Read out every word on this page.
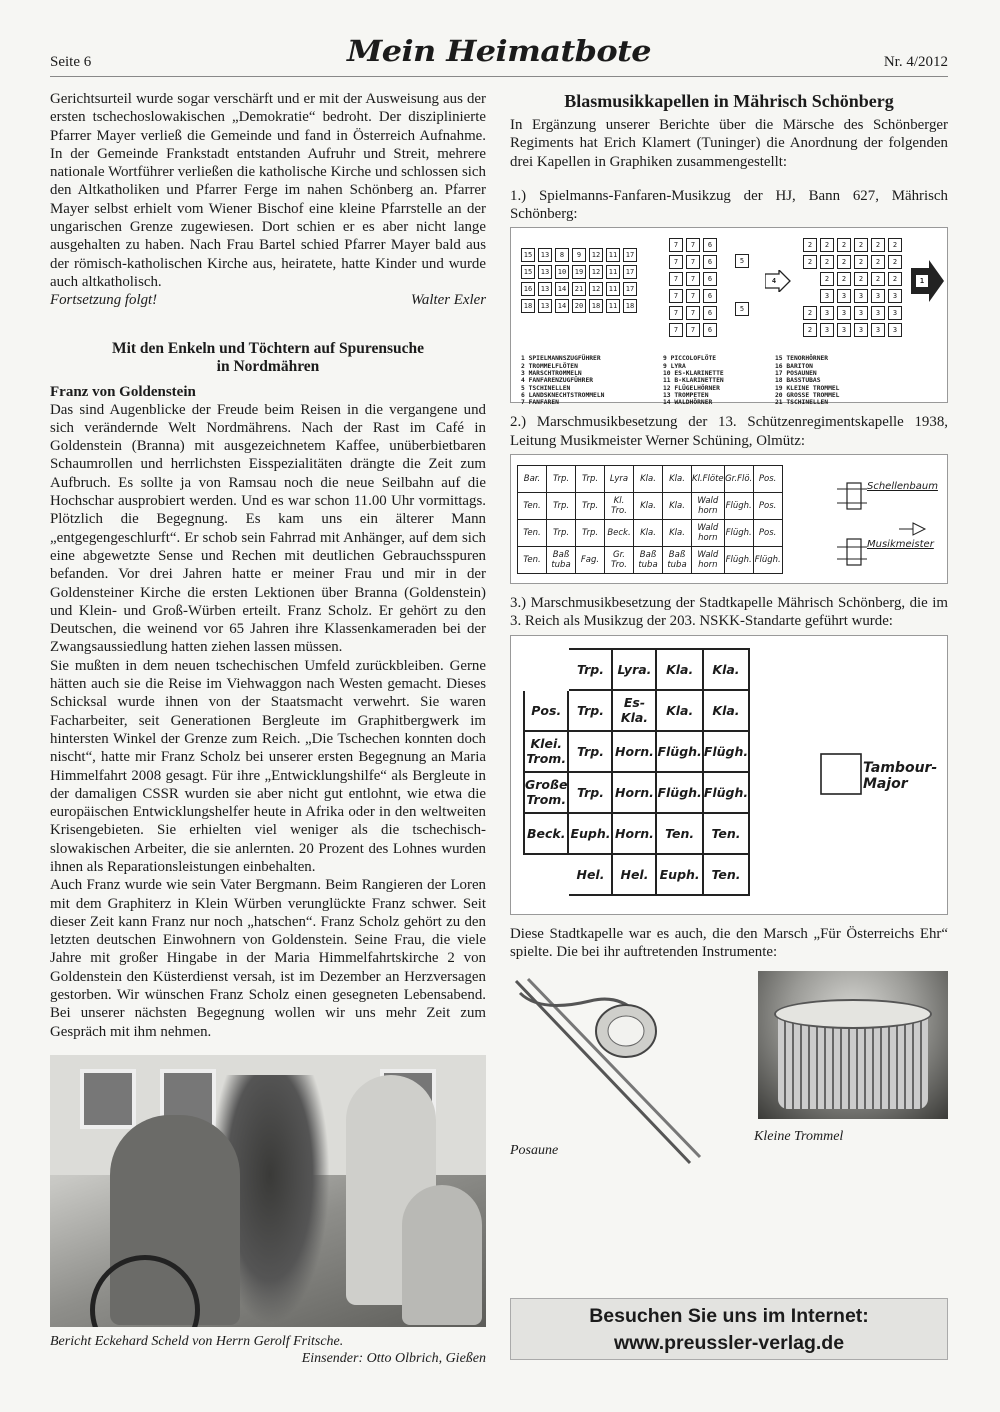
Seite 6	Mein Heimatbote	Nr. 4/2012

Gerichtsurteil wurde sogar verschärft und er mit der Ausweisung aus der ersten tschechoslowakischen „Demokratie“ bedroht. Der disziplinierte Pfarrer Mayer verließ die Gemeinde und fand in Österreich Aufnahme. In der Gemeinde Frankstadt entstanden Aufruhr und Streit, mehrere nationale Wortführer verließen die katholische Kirche und schlossen sich den Altkatholiken und Pfarrer Ferge im nahen Schönberg an. Pfarrer Mayer selbst erhielt vom Wiener Bischof eine kleine Pfarrstelle an der ungarischen Grenze zugewiesen. Dort schien er es aber nicht lange ausgehalten zu haben. Nach Frau Bartel schied Pfarrer Mayer bald aus der römisch-katholischen Kirche aus, heiratete, hatte Kinder und wurde auch altkatholisch.

Fortsetzung folgt!	Walter Exler
Mit den Enkeln und Töchtern auf Spurensuche
in Nordmähren
Franz von Goldenstein

Das sind Augenblicke der Freude beim Reisen in die vergangene und sich verändernde Welt Nordmährens. Nach der Rast im Café in Goldenstein (Branna) mit ausgezeichnetem Kaffee, unüberbietbaren Schaumrollen und herrlichsten Eisspezialitäten drängte die Zeit zum Aufbruch. Es sollte ja von Ramsau noch die neue Seilbahn auf die Hochschar ausprobiert werden. Und es war schon 11.00 Uhr vormittags. Plötzlich die Begegnung. Es kam uns ein älterer Mann „entgegengeschlurft“. Er schob sein Fahrrad mit Anhänger, auf dem sich eine abgewetzte Sense und Rechen mit deutlichen Gebrauchsspuren befanden. Vor drei Jahren hatte er meiner Frau und mir in der Goldensteiner Kirche die ersten Lektionen über Branna (Goldenstein) und Klein- und Groß-Würben erteilt. Franz Scholz. Er gehört zu den Deutschen, die weinend vor 65 Jahren ihre Klassenkameraden bei der Zwangsaussiedlung hatten ziehen lassen müssen.

Sie mußten in dem neuen tschechischen Umfeld zurückbleiben. Gerne hätten auch sie die Reise im Viehwaggon nach Westen gemacht. Dieses Schicksal wurde ihnen von der Staatsmacht verwehrt. Sie waren Facharbeiter, seit Generationen Bergleute im Graphitbergwerk im hintersten Winkel der Grenze zum Reich. „Die Tschechen konnten doch nischt“, hatte mir Franz Scholz bei unserer ersten Begegnung an Maria Himmelfahrt 2008 gesagt. Für ihre „Entwicklungshilfe“ als Bergleute in der damaligen CSSR wurden sie aber nicht gut entlohnt, wie etwa die europäischen Entwicklungshelfer heute in Afrika oder in den weltweiten Krisengebieten. Sie erhielten viel weniger als die tschechisch-slowakischen Arbeiter, die sie anlernten. 20 Prozent des Lohnes wurden ihnen als Reparationsleistungen einbehalten.

Auch Franz wurde wie sein Vater Bergmann. Beim Rangieren der Loren mit dem Graphiterz in Klein Würben verunglückte Franz schwer. Seit dieser Zeit kann Franz nur noch „hatschen“. Franz Scholz gehört zu den letzten deutschen Einwohnern von Goldenstein. Seine Frau, die viele Jahre mit großer Hingabe in der Maria Himmelfahrtskirche 2 von Goldenstein den Küsterdienst versah, ist im Dezember an Herzversagen gestorben. Wir wünschen Franz Scholz einen gesegneten Lebensabend. Bei unserer nächsten Begegnung wollen wir uns mehr Zeit zum Gespräch mit ihm nehmen.

Bericht Eckehard Scheld von Herrn Gerolf Fritsche.
Einsender: Otto Olbrich, Gießen
Blasmusikkapellen in Mährisch Schönberg

In Ergänzung unserer Berichte über die Märsche des Schönberger Regiments hat Erich Klamert (Tuninger) die Anordnung der folgenden drei Kapellen in Graphiken zusammengestellt:

1.) Spielmanns-Fanfaren-Musikzug der HJ, Bann 627, Mährisch Schönberg:

15	13	8	9	12	11	17
15	13	10	19	12	11	17
16	13	14	21	12	11	17
18	13	14	20	18	11	18
7	7	6
7	7	6
7	7	6
7	7	6
7	7	6
7	7	6
5
5
4
2	2	2	2	2	2
2	2	2	2	2	2
2	2	2	2	2
3	3	3	3	3
2	3	3	3	3	3
2	3	3	3	3	3
1
1 SPIELMANNSZUGFÜHRER
2 TROMMELFLÖTEN
3 MARSCHTROMMELN
4 FANFARENZUGFÜHRER
5 TSCHINELLEN
6 LANDSKNECHTSTROMMELN
7 FANFAREN
9 PICCOLOFLÖTE
9 LYRA
10 ES-KLARINETTE
11 B-KLARINETTEN
12 FLÜGELHÖRNER
13 TROMPETEN
14 WALDHÖRNER
15 TENORHÖRNER
16 BARITON
17 POSAUNEN
18 BASSTUBAS
19 KLEINE TROMMEL
20 GROSSE TROMMEL
21 TSCHINELLEN

2.) Marschmusikbesetzung der 13. Schützenregimentskapelle 1938, Leitung Musikmeister Werner Schüning, Olmütz:

Bar.	Trp.	Trp.	Lyra	Kla.	Kla.	Kl.Flöte	Gr.Flö.	Pos.
Ten.	Trp.	Trp.	Kl. Tro.	Kla.	Kla.	Wald horn	Flügh.	Pos.
Ten.	Trp.	Trp.	Beck.	Kla.	Kla.	Wald horn	Flügh.	Pos.
Ten.	Baß tuba	Fag.	Gr. Tro.	Baß tuba	Baß tuba	Wald horn	Flügh.	Flügh.
Schellenbaum
Musikmeister

3.) Marschmusikbesetzung der Stadtkapelle Mährisch Schönberg, die im 3. Reich als Musikzug der 203. NSKK-Standarte geführt wurde:

	Trp.	Lyra.	Kla.	Kla.
Pos.	Trp.	Es-Kla.	Kla.	Kla.
Klei. Trom.	Trp.	Horn.	Flügh.	Flügh.
Große Trom.	Trp.	Horn.	Flügh.	Flügh.
Beck.	Euph.	Horn.	Ten.	Ten.
	Hel.	Hel.	Euph.	Ten.
Tambour-Major

Diese Stadtkapelle war es auch, die den Marsch „Für Österreichs Ehr“ spielte. Die bei ihr auftretenden Instrumente:

Posaune
Kleine Trommel
Besuchen Sie uns im Internet:
www.preussler-verlag.de
